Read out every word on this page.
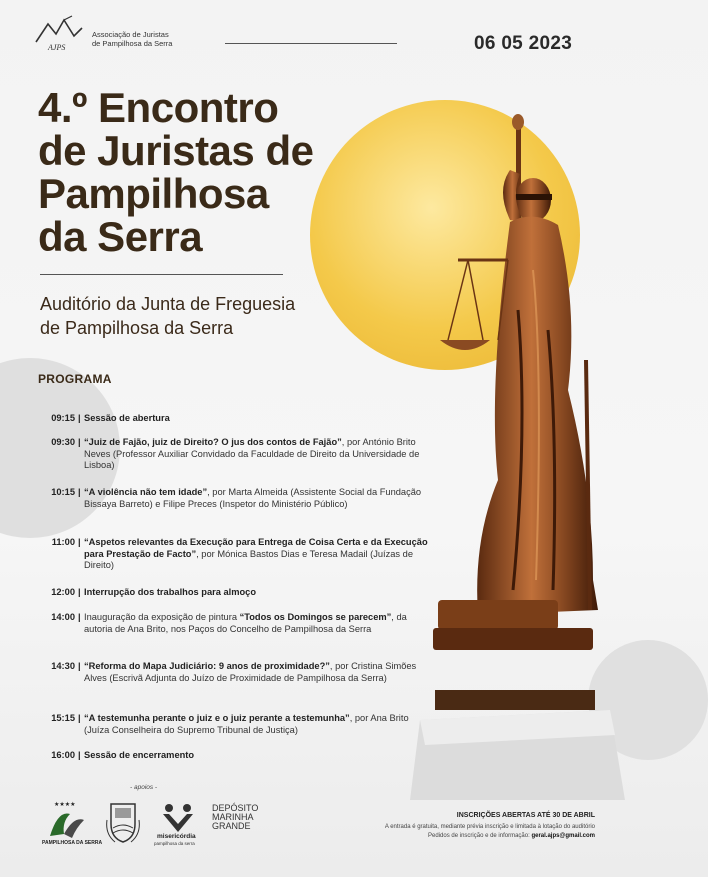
AJPS
Associação de Juristas
de Pampilhosa da Serra	06 05 2023
4.º Encontro
de Juristas de
Pampilhosa
da Serra
Auditório da Junta de Freguesia
de Pampilhosa da Serra
PROGRAMA
09:15 | Sessão de abertura
09:30 | “Juiz de Fajão, juiz de Direito? O jus dos contos de Fajão”, por António Brito Neves (Professor Auxiliar Convidado da Faculdade de Direito da Universidade de Lisboa)
10:15 | “A violência não tem idade”, por Marta Almeida (Assistente Social da Fundação Bissaya Barreto) e Filipe Preces (Inspetor do Ministério Público)
11:00 | “Aspetos relevantes da Execução para Entrega de Coisa Certa e da Execução para Prestação de Facto”, por Mónica Bastos Dias e Teresa Madail (Juízas de Direito)
12:00 | Interrupção dos trabalhos para almoço
14:00 | Inauguração da exposição de pintura “Todos os Domingos se parecem”, da autoria de Ana Brito, nos Paços do Concelho de Pampilhosa da Serra
14:30 | “Reforma do Mapa Judiciário: 9 anos de proximidade?”, por Cristina Simões Alves (Escrivã Adjunta do Juízo de Proximidade de Pampilhosa da Serra)
15:15 | “A testemunha perante o juiz e o juiz perante a testemunha”, por Ana Brito (Juíza Conselheira do Supremo Tribunal de Justiça)
16:00 | Sessão de encerramento
- apoios -
★★★★
PAMPILHOSA DA SERRA
misericórdia
pampilhosa da serra
DEPÓSITO
MARINHA
GRANDE
INSCRIÇÕES ABERTAS ATÉ 30 DE ABRIL
A entrada é gratuita, mediante prévia inscrição e limitada à lotação do auditório
Pedidos de inscrição e de informação: geral.ajps@gmail.com
